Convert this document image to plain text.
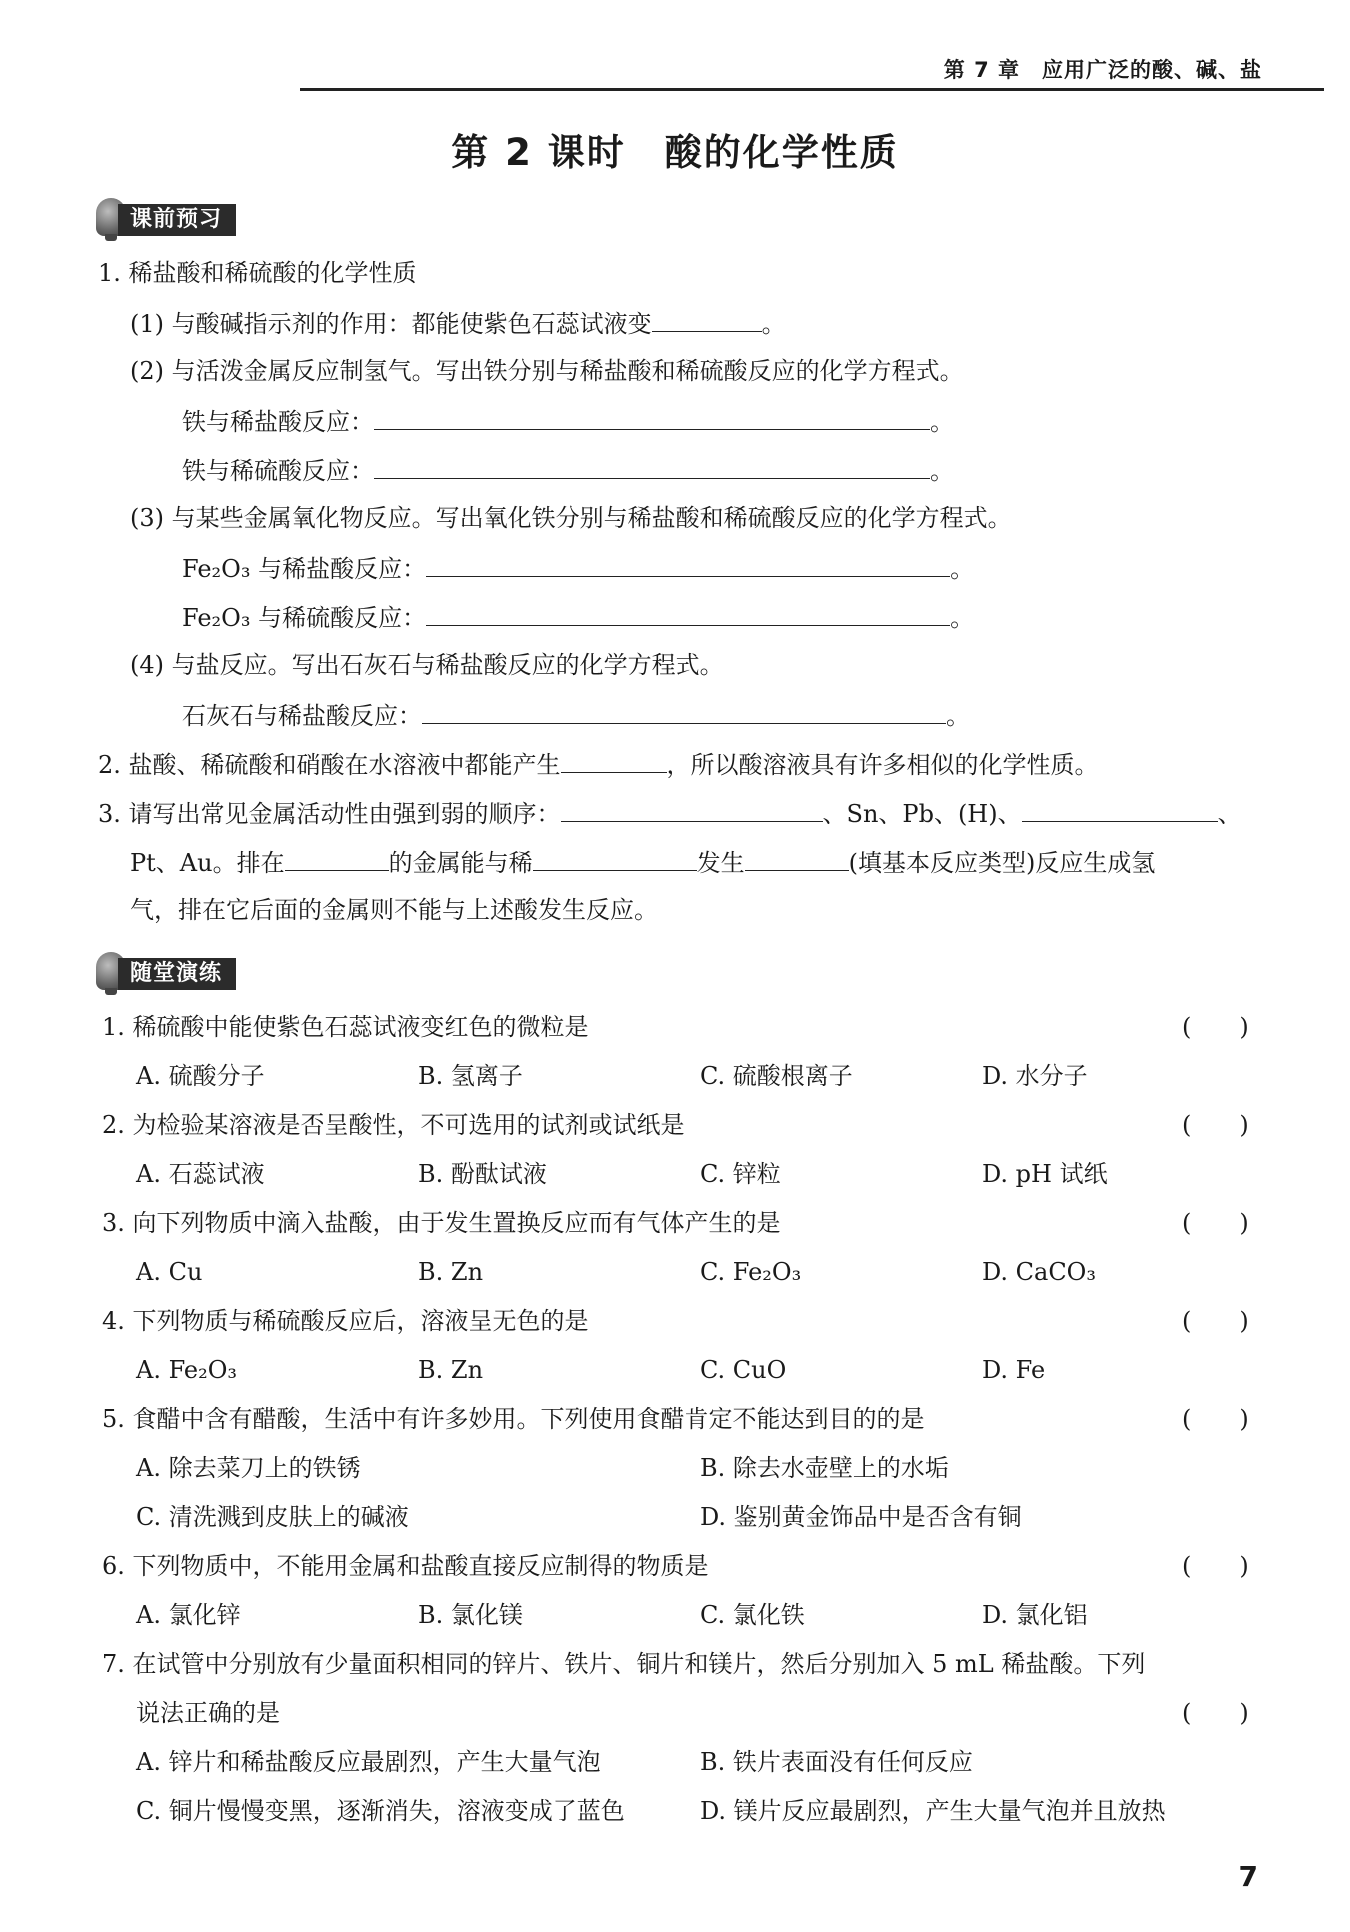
第 7 章　应用广泛的酸、碱、盐
第 2 课时　酸的化学性质
课前预习
1. 稀盐酸和稀硫酸的化学性质
(1) 与酸碱指示剂的作用：都能使紫色石蕊试液变	。
(2) 与活泼金属反应制氢气。写出铁分别与稀盐酸和稀硫酸反应的化学方程式。
铁与稀盐酸反应：	。
铁与稀硫酸反应：	。
(3) 与某些金属氧化物反应。写出氧化铁分别与稀盐酸和稀硫酸反应的化学方程式。
Fe₂O₃ 与稀盐酸反应：	。
Fe₂O₃ 与稀硫酸反应：	。
(4) 与盐反应。写出石灰石与稀盐酸反应的化学方程式。
石灰石与稀盐酸反应：	。
2. 盐酸、稀硫酸和硝酸在水溶液中都能产生	，所以酸溶液具有许多相似的化学性质。
3. 请写出常见金属活动性由强到弱的顺序：	、Sn、Pb、(H)、	、
Pt、Au。排在	的金属能与稀	发生	(填基本反应类型)反应生成氢
气，排在它后面的金属则不能与上述酸发生反应。
随堂演练
1. 稀硫酸中能使紫色石蕊试液变红色的微粒是	(　　)
A. 硫酸分子	B. 氢离子	C. 硫酸根离子	D. 水分子
2. 为检验某溶液是否呈酸性，不可选用的试剂或试纸是	(　　)
A. 石蕊试液	B. 酚酞试液	C. 锌粒	D. pH 试纸
3. 向下列物质中滴入盐酸，由于发生置换反应而有气体产生的是	(　　)
A. Cu	B. Zn	C. Fe₂O₃	D. CaCO₃
4. 下列物质与稀硫酸反应后，溶液呈无色的是	(　　)
A. Fe₂O₃	B. Zn	C. CuO	D. Fe
5. 食醋中含有醋酸，生活中有许多妙用。下列使用食醋肯定不能达到目的的是	(　　)
A. 除去菜刀上的铁锈	B. 除去水壶壁上的水垢
C. 清洗溅到皮肤上的碱液	D. 鉴别黄金饰品中是否含有铜
6. 下列物质中，不能用金属和盐酸直接反应制得的物质是	(　　)
A. 氯化锌	B. 氯化镁	C. 氯化铁	D. 氯化铝
7. 在试管中分别放有少量面积相同的锌片、铁片、铜片和镁片，然后分别加入 5 mL 稀盐酸。下列
说法正确的是	(　　)
A. 锌片和稀盐酸反应最剧烈，产生大量气泡	B. 铁片表面没有任何反应
C. 铜片慢慢变黑，逐渐消失，溶液变成了蓝色	D. 镁片反应最剧烈，产生大量气泡并且放热
7
